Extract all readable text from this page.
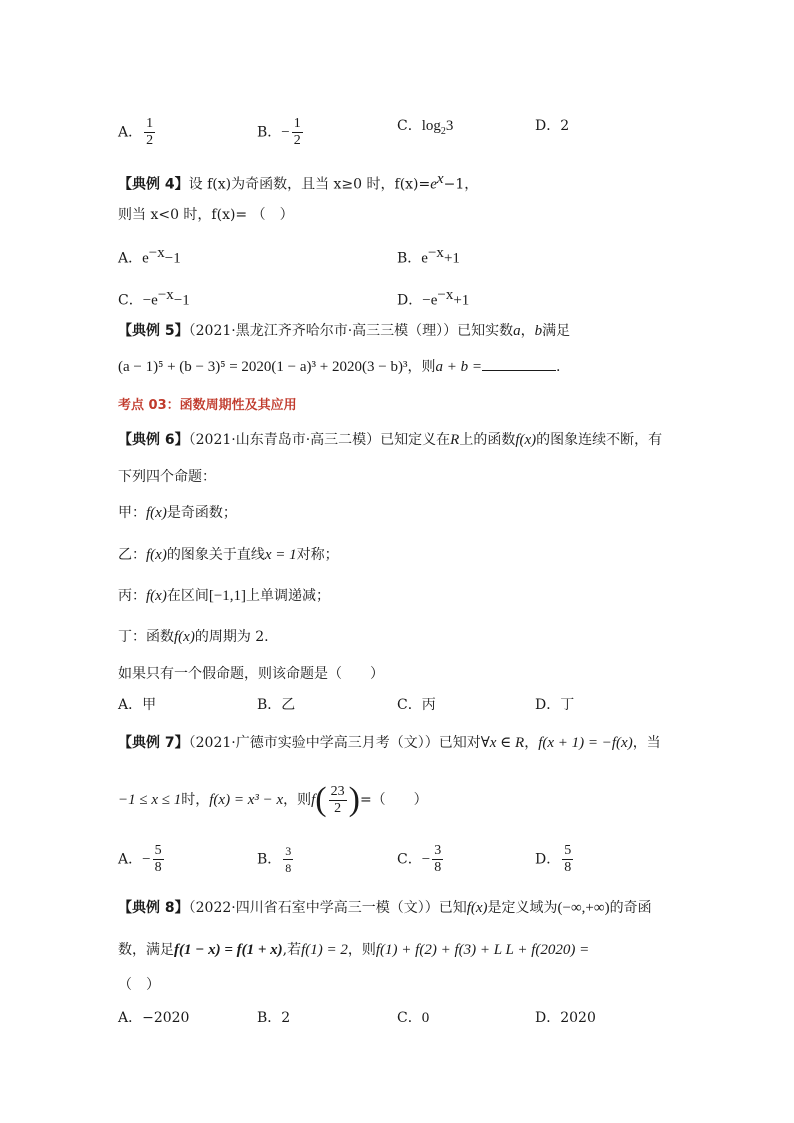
A． $\frac{1}{2}$	B．− $\frac{1}{2}$	C．$\log_23$	D．2
【典例 4】设 f(x)为奇函数，且当 x≥0 时，$f(x)=e^x-1$，
则当 x<0 时，f(x)= （　）
A．$e^{-x}-1$	B．$e^{-x}+1$
C．$-e^{-x}-1$	D．$-e^{-x}+1$
【典例 5】（2021·黑龙江齐齐哈尔市·高三三模（理））已知实数a，b满足
(a − 1)⁵ + (b − 3)⁵ = 2020(1 − a)³ + 2020(3 − b)³，则a + b =	.
考点 03：函数周期性及其应用
【典例 6】（2021·山东青岛市·高三二模）已知定义在R上的函数f(x)的图象连续不断，有
下列四个命题：
甲：f(x)是奇函数；
乙：f(x)的图象关于直线x = 1对称；
丙：f(x)在区间[−1,1]上单调递减；
丁：函数f(x)的周期为 2.
如果只有一个假命题，则该命题是（　　）
A．甲	B．乙	C．丙	D．丁
【典例 7】（2021·广德市实验中学高三月考（文））已知对∀x ∈ R，f(x + 1) = −f(x)，当
−1 ≤ x ≤ 1时，f(x) = x³ − x，则$f( \frac{23}{2}$ )=（　　）
A．− $\frac{5}{8}$	B． $\frac{3}{8}$	C．− $\frac{3}{8}$	D． $\frac{5}{8}$
【典例 8】（2022·四川省石室中学高三一模（文））已知f(x)是定义域为(−∞,+∞)的奇函
数，满足f(1 − x) = f(1 + x),若f(1) = 2，则f(1) + f(2) + f(3) + L L + f(2020) =
（　）
A．−2020	B．2	C．0	D．2020
